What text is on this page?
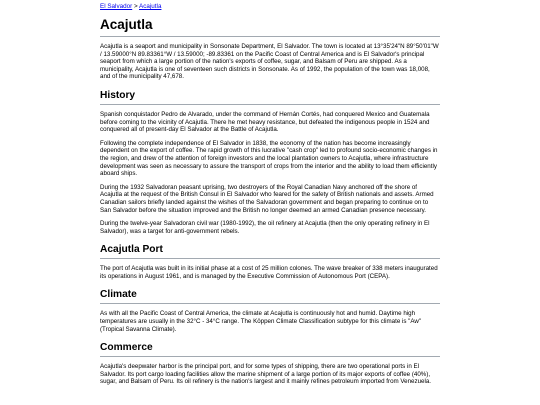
El Salvador > Acajutla
Acajutla

Acajutla is a seaport and municipality in Sonsonate Department, El Salvador. The town is located at 13°35'24"N 89°50'01"W / 13.59000°N 89.83361°W / 13.59000; -89.83361 on the Pacific Coast of Central America and is El Salvador's principal seaport from which a large portion of the nation's exports of coffee, sugar, and Balsam of Peru are shipped. As a municipality, Acajutla is one of seventeen such districts in Sonsonate. As of 1992, the population of the town was 18,008, and of the municipality 47,678.

History

Spanish conquistador Pedro de Alvarado, under the command of Hernán Cortés, had conquered Mexico and Guatemala before coming to the vicinity of Acajutla. There he met heavy resistance, but defeated the indigenous people in 1524 and conquered all of present-day El Salvador at the Battle of Acajutla.

Following the complete independence of El Salvador in 1838, the economy of the nation has become increasingly dependent on the export of coffee. The rapid growth of this lucrative "cash crop" led to profound socio-economic changes in the region, and drew of the attention of foreign investors and the local plantation owners to Acajutla, where infrastructure development was seen as necessary to assure the transport of crops from the interior and the ability to load them efficiently aboard ships.

During the 1932 Salvadoran peasant uprising, two destroyers of the Royal Canadian Navy anchored off the shore of Acajutla at the request of the British Consul in El Salvador who feared for the safety of British nationals and assets. Armed Canadian sailors briefly landed against the wishes of the Salvadoran government and began preparing to continue on to San Salvador before the situation improved and the British no longer deemed an armed Canadian presence necessary.

During the twelve-year Salvadoran civil war (1980-1992), the oil refinery at Acajutla (then the only operating refinery in El Salvador), was a target for anti-government rebels.

Acajutla Port

The port of Acajutla was built in its initial phase at a cost of 25 million colones. The wave breaker of 338 meters inaugurated its operations in August 1961, and is managed by the Executive Commission of Autonomous Port (CEPA).

Climate

As with all the Pacific Coast of Central America, the climate at Acajutla is continuously hot and humid. Daytime high temperatures are usually in the 32°C - 34°C range. The Köppen Climate Classification subtype for this climate is "Aw" (Tropical Savanna Climate).

Commerce

Acajutla's deepwater harbor is the principal port, and for some types of shipping, there are two operational ports in El Salvador. Its port cargo loading facilities allow the marine shipment of a large portion of its major exports of coffee (40%), sugar, and Balsam of Peru. Its oil refinery is the nation's largest and it mainly refines petroleum imported from Venezuela.
